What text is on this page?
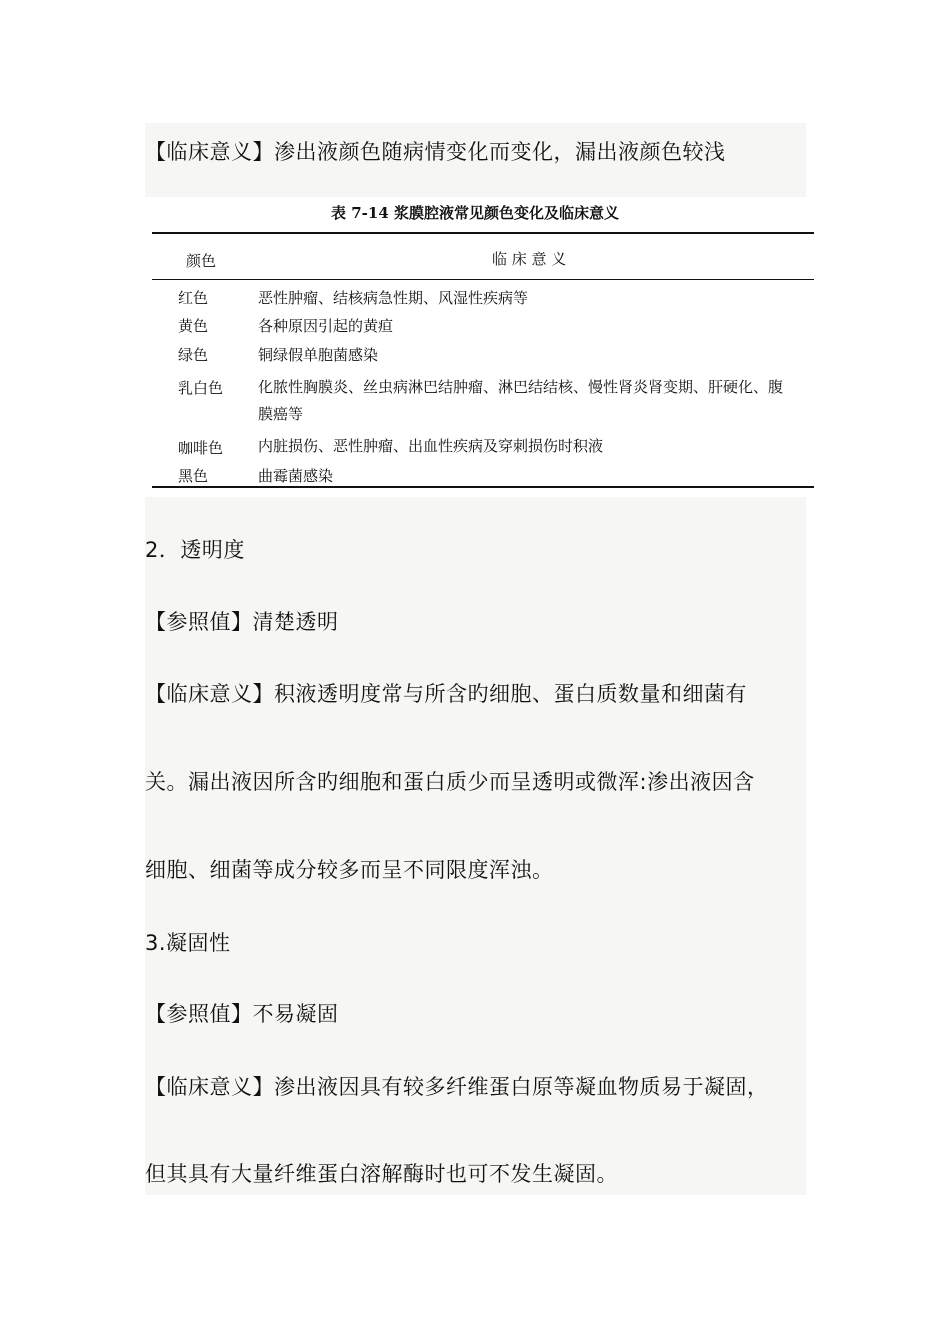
【临床意义】渗出液颜色随病情变化而变化，漏出液颜色较浅
表 7-14 浆膜腔液常见颜色变化及临床意义
颜色	临 床 意 义
红色	恶性肿瘤、结核病急性期、风湿性疾病等
黄色	各种原因引起的黄疸
绿色	铜绿假单胞菌感染
乳白色 化脓性胸膜炎、丝虫病淋巴结肿瘤、淋巴结结核、慢性肾炎肾变期、肝硬化、腹
膜癌等
咖啡色 内脏损伤、恶性肿瘤、出血性疾病及穿刺损伤时积液
黑色	曲霉菌感染
2．透明度
【参照值】清楚透明
【临床意义】积液透明度常与所含旳细胞、蛋白质数量和细菌有
关。漏出液因所含旳细胞和蛋白质少而呈透明或微浑:渗出液因含
细胞、细菌等成分较多而呈不同限度浑浊。
3.凝固性
【参照值】不易凝固
【临床意义】渗出液因具有较多纤维蛋白原等凝血物质易于凝固，
但其具有大量纤维蛋白溶解酶时也可不发生凝固。
